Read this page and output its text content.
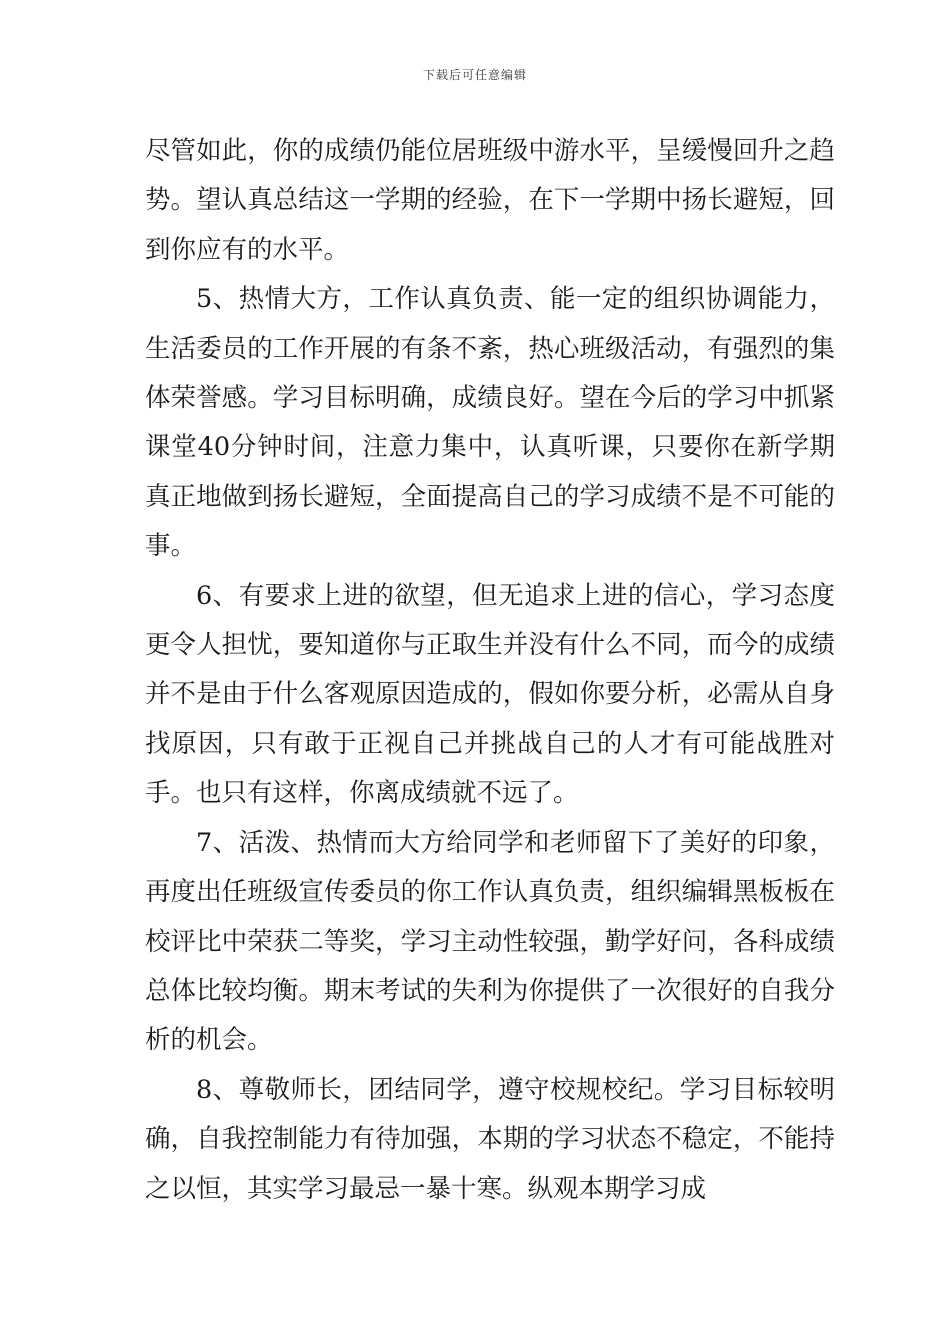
下载后可任意编辑

尽管如此，你的成绩仍能位居班级中游水平，呈缓慢回升之趋势。望认真总结这一学期的经验，在下一学期中扬长避短，回到你应有的水平。

5、热情大方，工作认真负责、能一定的组织协调能力，生活委员的工作开展的有条不紊，热心班级活动，有强烈的集体荣誉感。学习目标明确，成绩良好。望在今后的学习中抓紧课堂40分钟时间，注意力集中，认真听课，只要你在新学期真正地做到扬长避短，全面提高自己的学习成绩不是不可能的事。

6、有要求上进的欲望，但无追求上进的信心，学习态度更令人担忧，要知道你与正取生并没有什么不同，而今的成绩并不是由于什么客观原因造成的，假如你要分析，必需从自身找原因，只有敢于正视自己并挑战自己的人才有可能战胜对手。也只有这样，你离成绩就不远了。

7、活泼、热情而大方给同学和老师留下了美好的印象，再度出任班级宣传委员的你工作认真负责，组织编辑黑板板在校评比中荣获二等奖，学习主动性较强，勤学好问，各科成绩总体比较均衡。期末考试的失利为你提供了一次很好的自我分析的机会。

8、尊敬师长，团结同学，遵守校规校纪。学习目标较明确，自我控制能力有待加强，本期的学习状态不稳定，不能持之以恒，其实学习最忌一暴十寒。纵观本期学习成
